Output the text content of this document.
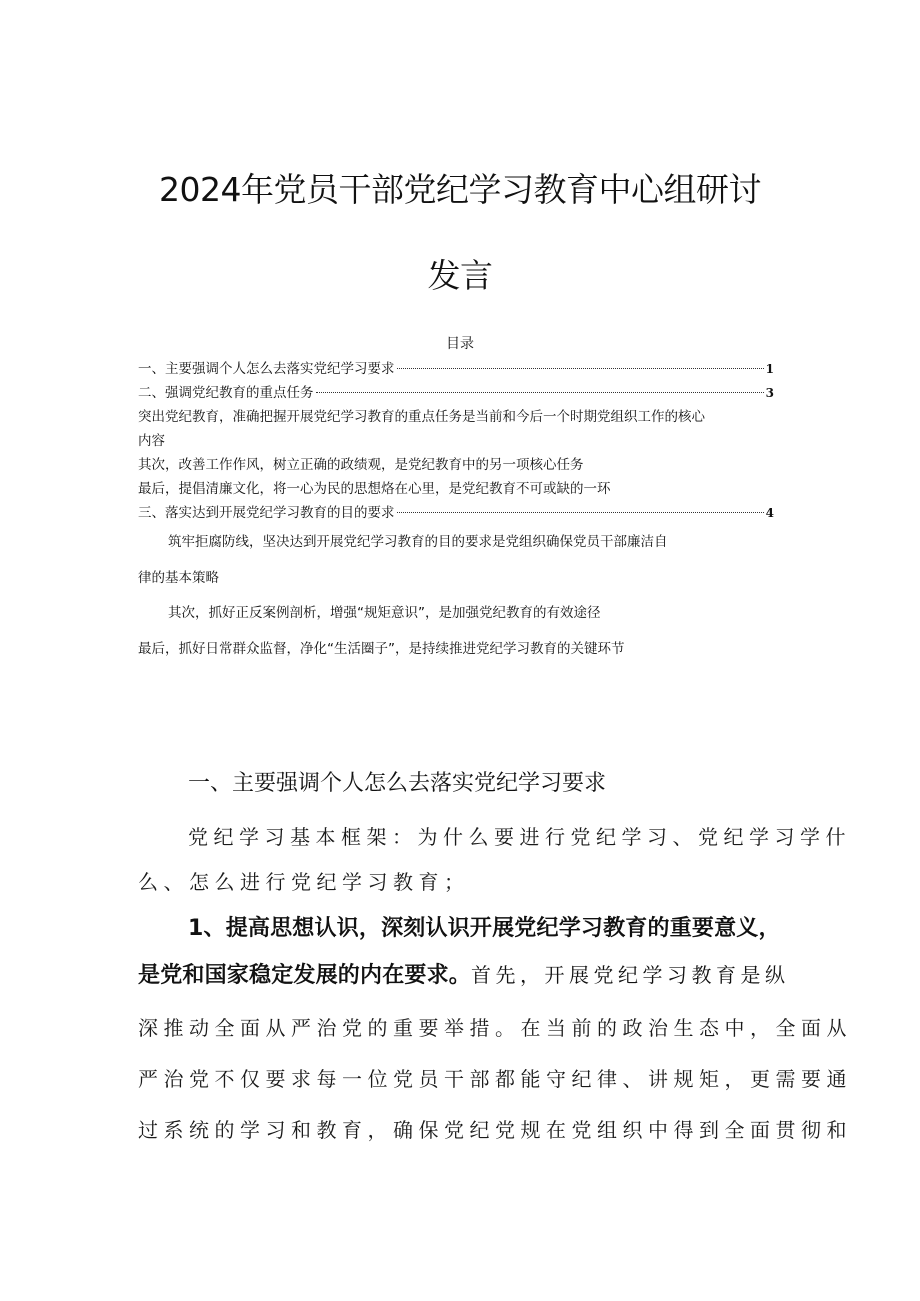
2024年党员干部党纪学习教育中心组研讨
发言
目录
一、主要强调个人怎么去落实党纪学习要求	1
二、强调党纪教育的重点任务	3
突出党纪教育，准确把握开展党纪学习教育的重点任务是当前和今后一个时期党组织工作的核心
内容
其次，改善工作作风，树立正确的政绩观，是党纪教育中的另一项核心任务
最后，提倡清廉文化，将一心为民的思想烙在心里，是党纪教育不可或缺的一环
三、落实达到开展党纪学习教育的目的要求	4
筑牢拒腐防线，坚决达到开展党纪学习教育的目的要求是党组织确保党员干部廉洁自
律的基本策略
其次，抓好正反案例剖析，增强“规矩意识”，是加强党纪教育的有效途径
最后，抓好日常群众监督，净化“生活圈子”，是持续推进党纪学习教育的关键环节
一、主要强调个人怎么去落实党纪学习要求
党纪学习基本框架：为什么要进行党纪学习、党纪学习学什
么、怎么进行党纪学习教育；
1、提高思想认识，深刻认识开展党纪学习教育的重要意义，
是党和国家稳定发展的内在要求。首先，开展党纪学习教育是纵
深推动全面从严治党的重要举措。在当前的政治生态中，全面从
严治党不仅要求每一位党员干部都能守纪律、讲规矩，更需要通
过系统的学习和教育，确保党纪党规在党组织中得到全面贯彻和
